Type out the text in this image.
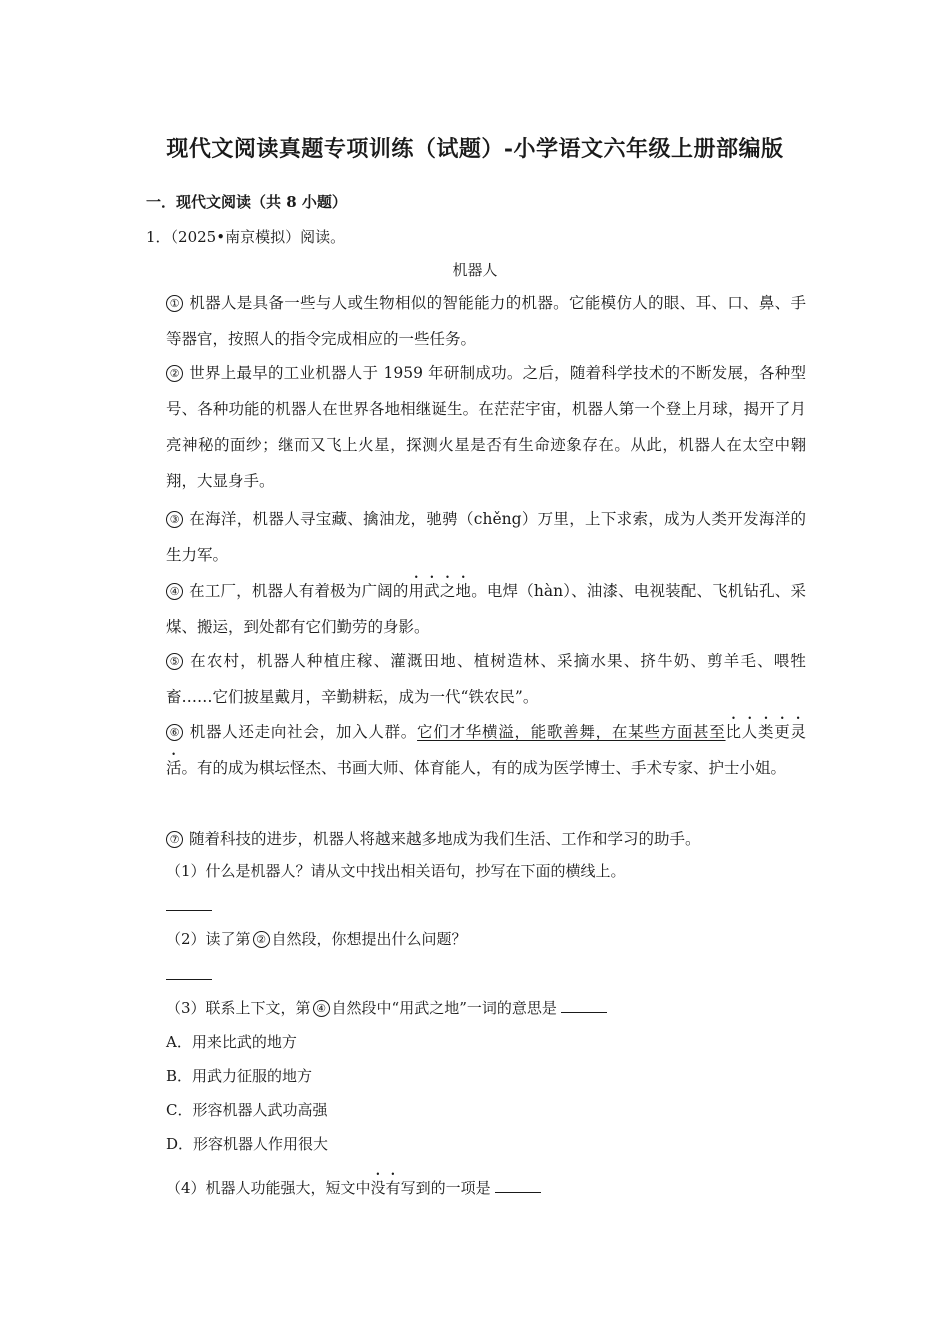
现代文阅读真题专项训练（试题）-小学语文六年级上册部编版
一．现代文阅读（共 8 小题）
1．（2025•南京模拟）阅读。
机器人
① 机器人是具备一些与人或生物相似的智能能力的机器。它能模仿人的眼、耳、口、鼻、手等器官，按照人的指令完成相应的一些任务。
② 世界上最早的工业机器人于 1959 年研制成功。之后，随着科学技术的不断发展，各种型号、各种功能的机器人在世界各地相继诞生。在茫茫宇宙，机器人第一个登上月球，揭开了月亮神秘的面纱；继而又飞上火星，探测火星是否有生命迹象存在。从此，机器人在太空中翱翔，大显身手。
③ 在海洋，机器人寻宝藏、擒油龙，驰骋（chěng）万里，上下求索，成为人类开发海洋的生力军。
④ 在工厂，机器人有着极为广阔的用武之地。电焊（hàn）、油漆、电视装配、飞机钻孔、采煤、搬运，到处都有它们勤劳的身影。
⑤ 在农村，机器人种植庄稼、灌溉田地、植树造林、采摘水果、挤牛奶、剪羊毛、喂牲畜……它们披星戴月，辛勤耕耘，成为一代“铁农民”。
⑥ 机器人还走向社会，加入人群。它们才华横溢，能歌善舞，在某些方面甚至比人类更灵活。有的成为棋坛怪杰、书画大师、体育能人，有的成为医学博士、手术专家、护士小姐。
⑦ 随着科技的进步，机器人将越来越多地成为我们生活、工作和学习的助手。
（1）什么是机器人？请从文中找出相关语句，抄写在下面的横线上。
（2）读了第 ② 自然段，你想提出什么问题？
（3）联系上下文，第 ④ 自然段中“用武之地”一词的意思是
A．用来比武的地方
B．用武力征服的地方
C．形容机器人武功高强
D．形容机器人作用很大
（4）机器人功能强大，短文中没有写到的一项是
